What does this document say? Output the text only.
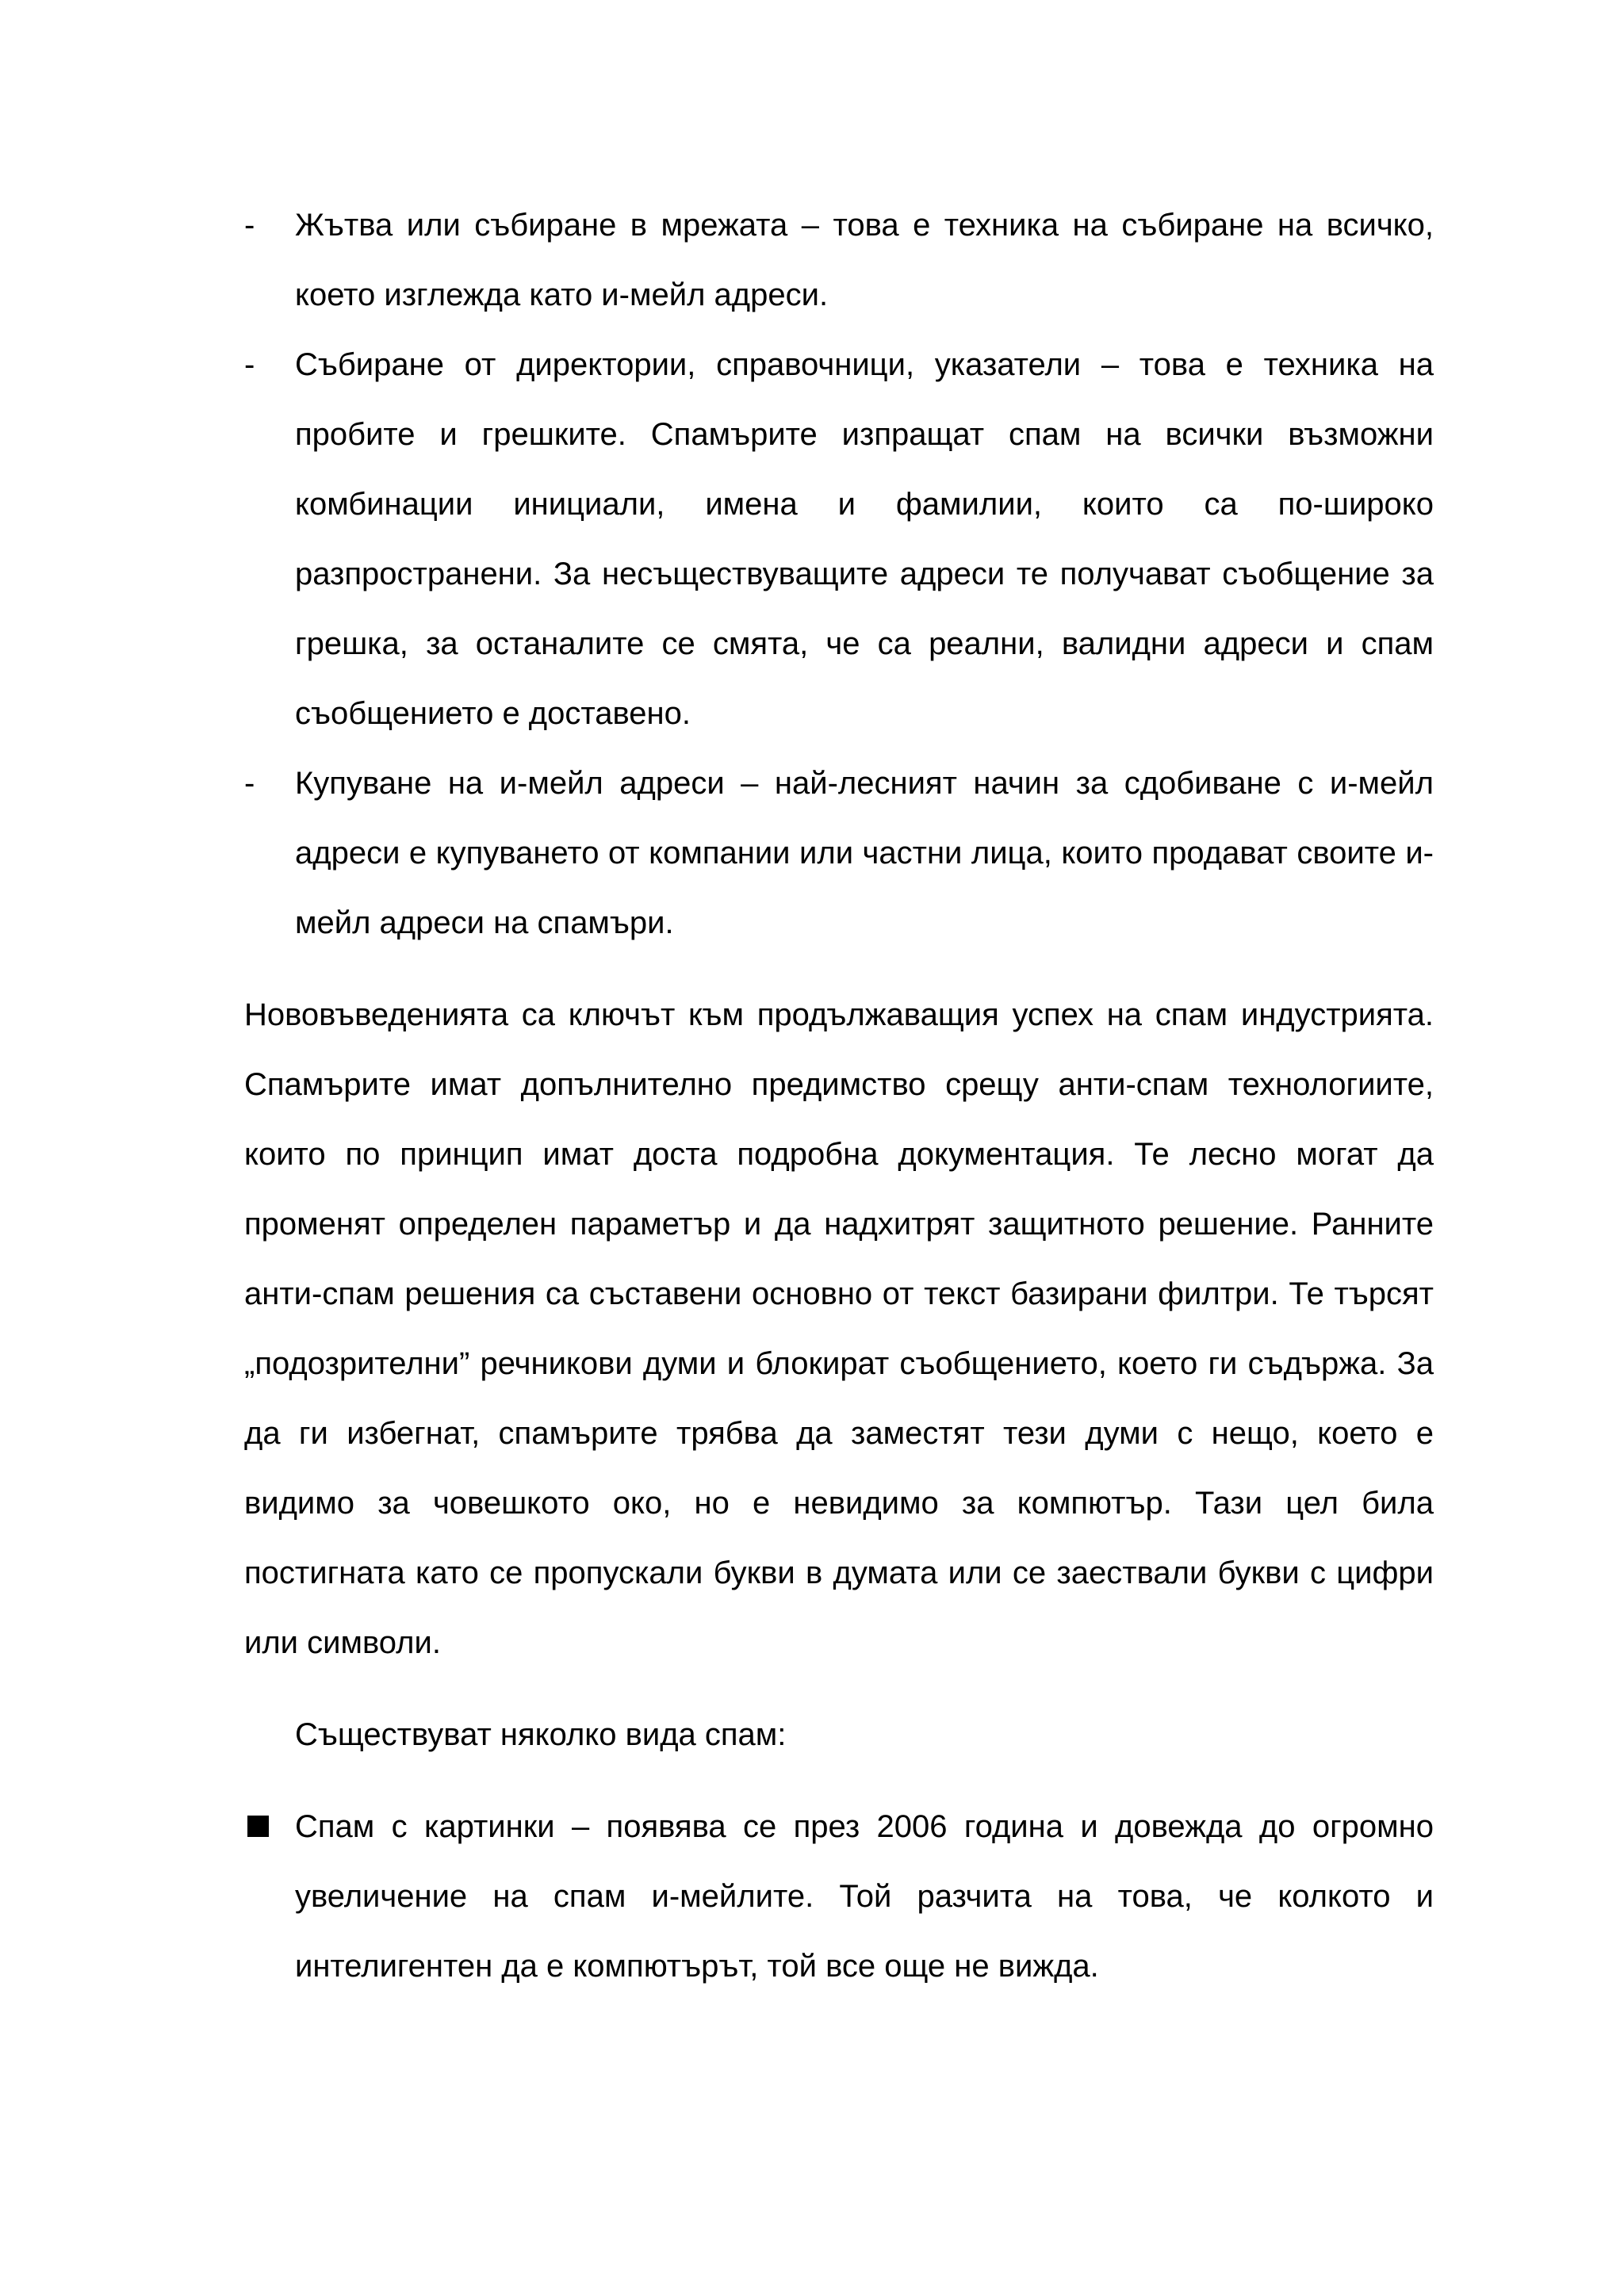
-	Жътва или събиране в мрежата – това е техника на събиране на всичко, което изглежда като и-мейл адреси.
-	Събиране от директории, справочници, указатели – това е техника на пробите и грешките. Спамърите изпращат спам на всички възможни комбинации инициали, имена и фамилии, които са по-широко разпространени. За несъществуващите адреси те получават съобщение за грешка, за останалите се смята, че са реални, валидни адреси и спам съобщението е доставено.
-	Купуване на и-мейл адреси – най-лесният начин за сдобиване с и-мейл адреси е купуването от компании или частни лица, които продават своите и-мейл адреси на спамъри.

Нововъведенията са ключът към продължаващия успех на спам индустрията. Спамърите имат допълнително предимство срещу анти-спам технологиите, които по принцип имат доста подробна документация. Те лесно могат да променят определен параметър и да надхитрят защитното решение. Ранните анти-спам решения са съставени основно от текст базирани филтри. Те търсят „подозрителни” речникови думи и блокират съобщението, което ги съдържа. За да ги избегнат, спамърите трябва да заместят тези думи с нещо, което е видимо за човешкото око, но е невидимо за компютър. Тази цел била постигната като се пропускали букви в думата или се заествали букви с цифри или символи.

Съществуват няколко вида спам:

Спам с картинки – появява се през 2006 година и довежда до огромно увеличение на спам и-мейлите. Той разчита на това, че колкото и интелигентен да е компютърът, той все още не вижда.
